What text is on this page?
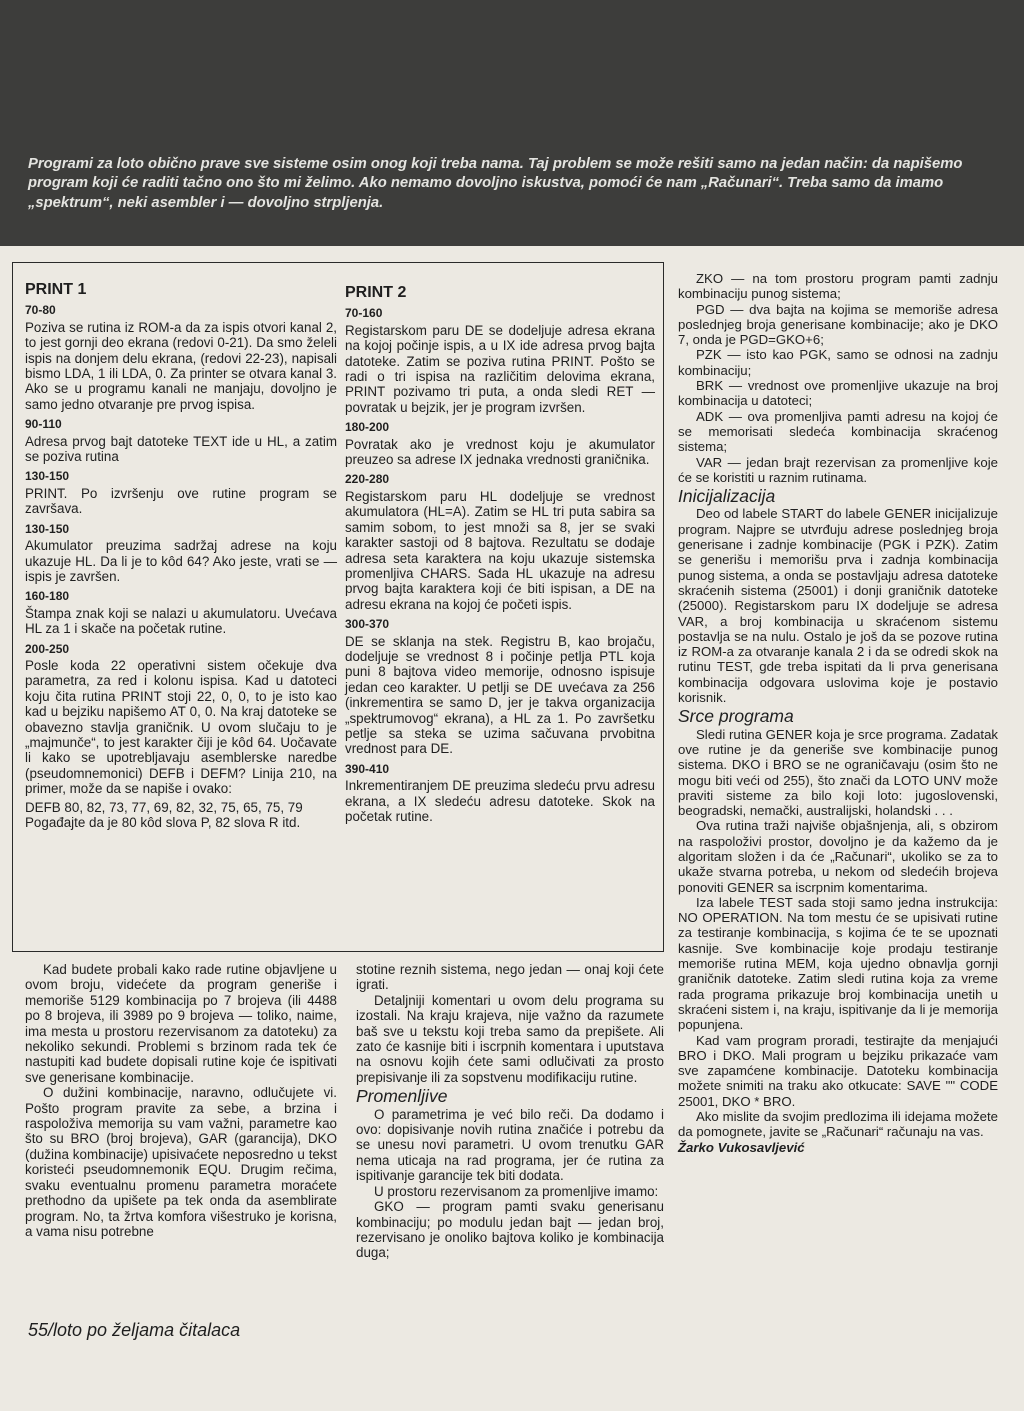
Programi za loto obično prave sve sisteme osim onog koji treba nama. Taj problem se može rešiti samo na jedan način: da napišemo program koji će raditi tačno ono što mi želimo. Ako nemamo dovoljno iskustva, pomoći će nam „Računari“. Treba samo da imamo „spektrum“, neki asembler i — dovoljno strpljenja.

PRINT 1
70-80

Poziva se rutina iz ROM-a da za ispis otvori kanal 2, to jest gornji deo ekrana (redovi 0-21). Da smo želeli ispis na donjem delu ekrana, (redovi 22-23), napisali bismo LDA, 1 ili LDA, 0. Za printer se otvara kanal 3. Ako se u programu kanali ne manjaju, dovoljno je samo jedno otvaranje pre prvog ispisa.

90-110

Adresa prvog bajt datoteke TEXT ide u HL, a zatim se poziva rutina

130-150

PRINT. Po izvršenju ove rutine program se završava.

130-150

Akumulator preuzima sadržaj adrese na koju ukazuje HL. Da li je to kôd 64? Ako jeste, vrati se — ispis je završen.

160-180

Štampa znak koji se nalazi u akumulatoru. Uvećava HL za 1 i skače na početak rutine.

200-250

Posle koda 22 operativni sistem očekuje dva parametra, za red i kolonu ispisa. Kad u datoteci koju čita rutina PRINT stoji 22, 0, 0, to je isto kao kad u bejziku napišemo AT 0, 0. Na kraj datoteke se obavezno stavlja graničnik. U ovom slučaju to je „majmunče“, to jest karakter čiji je kôd 64. Uočavate li kako se upotrebljavaju asemblerske naredbe (pseudomnemonici) DEFB i DEFM? Linija 210, na primer, može da se napiše i ovako:

DEFB 80, 82, 73, 77, 69, 82, 32, 75, 65, 75, 79

Pogađajte da je 80 kôd slova P, 82 slova R itd.

PRINT 2
70-160

Registarskom paru DE se dodeljuje adresa ekrana na kojoj počinje ispis, a u IX ide adresa prvog bajta datoteke. Zatim se poziva rutina PRINT. Pošto se radi o tri ispisa na različitim delovima ekrana, PRINT pozivamo tri puta, a onda sledi RET — povratak u bejzik, jer je program izvršen.

180-200

Povratak ako je vrednost koju je akumulator preuzeo sa adrese IX jednaka vrednosti graničnika.

220-280

Registarskom paru HL dodeljuje se vrednost akumulatora (HL=A). Zatim se HL tri puta sabira sa samim sobom, to jest množi sa 8, jer se svaki karakter sastoji od 8 bajtova. Rezultatu se dodaje adresa seta karaktera na koju ukazuje sistemska promenljiva CHARS. Sada HL ukazuje na adresu prvog bajta karaktera koji će biti ispisan, a DE na adresu ekrana na kojoj će početi ispis.

300-370

DE se sklanja na stek. Registru B, kao brojaču, dodeljuje se vrednost 8 i počinje petlja PTL koja puni 8 bajtova video memorije, odnosno ispisuje jedan ceo karakter. U petlji se DE uvećava za 256 (inkrementira se samo D, jer je takva organizacija „spektrumovog“ ekrana), a HL za 1. Po završetku petlje sa steka se uzima sačuvana prvobitna vrednost para DE.

390-410

Inkrementiranjem DE preuzima sledeću prvu adresu ekrana, a IX sledeću adresu datoteke. Skok na početak rutine.

ZKO — na tom prostoru program pamti zadnju kombinaciju punog sistema;

PGD — dva bajta na kojima se memoriše adresa poslednjeg broja generisane kombinacije; ako je DKO 7, onda je PGD=GKO+6;

PZK — isto kao PGK, samo se odnosi na zadnju kombinaciju;

BRK — vrednost ove promenljive ukazuje na broj kombinacija u datoteci;

ADK — ova promenljiva pamti adresu na kojoj će se memorisati sledeća kombinacija skraćenog sistema;

VAR — jedan brajt rezervisan za promenljive koje će se koristiti u raznim rutinama.

Inicijalizacija

Deo od labele START do labele GENER inicijalizuje program. Najpre se utvrđuju adrese poslednjeg broja generisane i zadnje kombinacije (PGK i PZK). Zatim se generišu i memorišu prva i zadnja kombinacija punog sistema, a onda se postavljaju adresa datoteke skraćenih sistema (25001) i donji graničnik datoteke (25000). Registarskom paru IX dodeljuje se adresa VAR, a broj kombinacija u skraćenom sistemu postavlja se na nulu. Ostalo je još da se pozove rutina iz ROM-a za otvaranje kanala 2 i da se odredi skok na rutinu TEST, gde treba ispitati da li prva generisana kombinacija odgovara uslovima koje je postavio korisnik.

Srce programa

Sledi rutina GENER koja je srce programa. Zadatak ove rutine je da generiše sve kombinacije punog sistema. DKO i BRO se ne ograničavaju (osim što ne mogu biti veći od 255), što znači da LOTO UNV može praviti sisteme za bilo koji loto: jugoslovenski, beogradski, nemački, australijski, holandski . . .

Ova rutina traži najviše objašnjenja, ali, s obzirom na raspoloživi prostor, dovoljno je da kažemo da je algoritam složen i da će „Računari“, ukoliko se za to ukaže stvarna potreba, u nekom od sledećih brojeva ponoviti GENER sa iscrpnim komentarima.

Iza labele TEST sada stoji samo jedna instrukcija: NO OPERATION. Na tom mestu će se upisivati rutine za testiranje kombinacija, s kojima će te se upoznati kasnije. Sve kombinacije koje prodaju testiranje memoriše rutina MEM, koja ujedno obnavlja gornji graničnik datoteke. Zatim sledi rutina koja za vreme rada programa prikazuje broj kombinacija unetih u skraćeni sistem i, na kraju, ispitivanje da li je memorija popunjena.

Kad vam program proradi, testirajte da menjajući BRO i DKO. Mali program u bejziku prikazaće vam sve zapamćene kombinacije. Datoteku kombinacija možete snimiti na traku ako otkucate: SAVE "" CODE 25001, DKO * BRO.

Ako mislite da svojim predlozima ili idejama možete da pomognete, javite se „Računari“ računaju na vas.

Žarko Vukosavljević

Kad budete probali kako rade rutine objavljene u ovom broju, videćete da program generiše i memoriše 5129 kombinacija po 7 brojeva (ili 4488 po 8 brojeva, ili 3989 po 9 brojeva — toliko, naime, ima mesta u prostoru rezervisanom za datoteku) za nekoliko sekundi. Problemi s brzinom rada tek će nastupiti kad budete dopisali rutine koje će ispitivati sve generisane kombinacije.

O dužini kombinacije, naravno, odlučujete vi. Pošto program pravite za sebe, a brzina i raspoloživa memorija su vam važni, parametre kao što su BRO (broj brojeva), GAR (garancija), DKO (dužina kombinacije) upisivaćete neposredno u tekst koristeći pseudomnemonik EQU. Drugim rečima, svaku eventualnu promenu parametra moraćete prethodno da upišete pa tek onda da asemblirate program. No, ta žrtva komfora višestruko je korisna, a vama nisu potrebne

stotine reznih sistema, nego jedan — onaj koji ćete igrati.

Detaljniji komentari u ovom delu programa su izostali. Na kraju krajeva, nije važno da razumete baš sve u tekstu koji treba samo da prepišete. Ali zato će kasnije biti i iscrpnih komentara i uputstava na osnovu kojih ćete sami odlučivati za prosto prepisivanje ili za sopstvenu modifikaciju rutine.

Promenljive

O parametrima je već bilo reči. Da dodamo i ovo: dopisivanje novih rutina značiće i potrebu da se unesu novi parametri. U ovom trenutku GAR nema uticaja na rad programa, jer će rutina za ispitivanje garancije tek biti dodata.

U prostoru rezervisanom za promenljive imamo:

GKO — program pamti svaku generisanu kombinaciju; po modulu jedan bajt — jedan broj, rezervisano je onoliko bajtova koliko je kombinacija duga;

55/loto po željama čitalaca
